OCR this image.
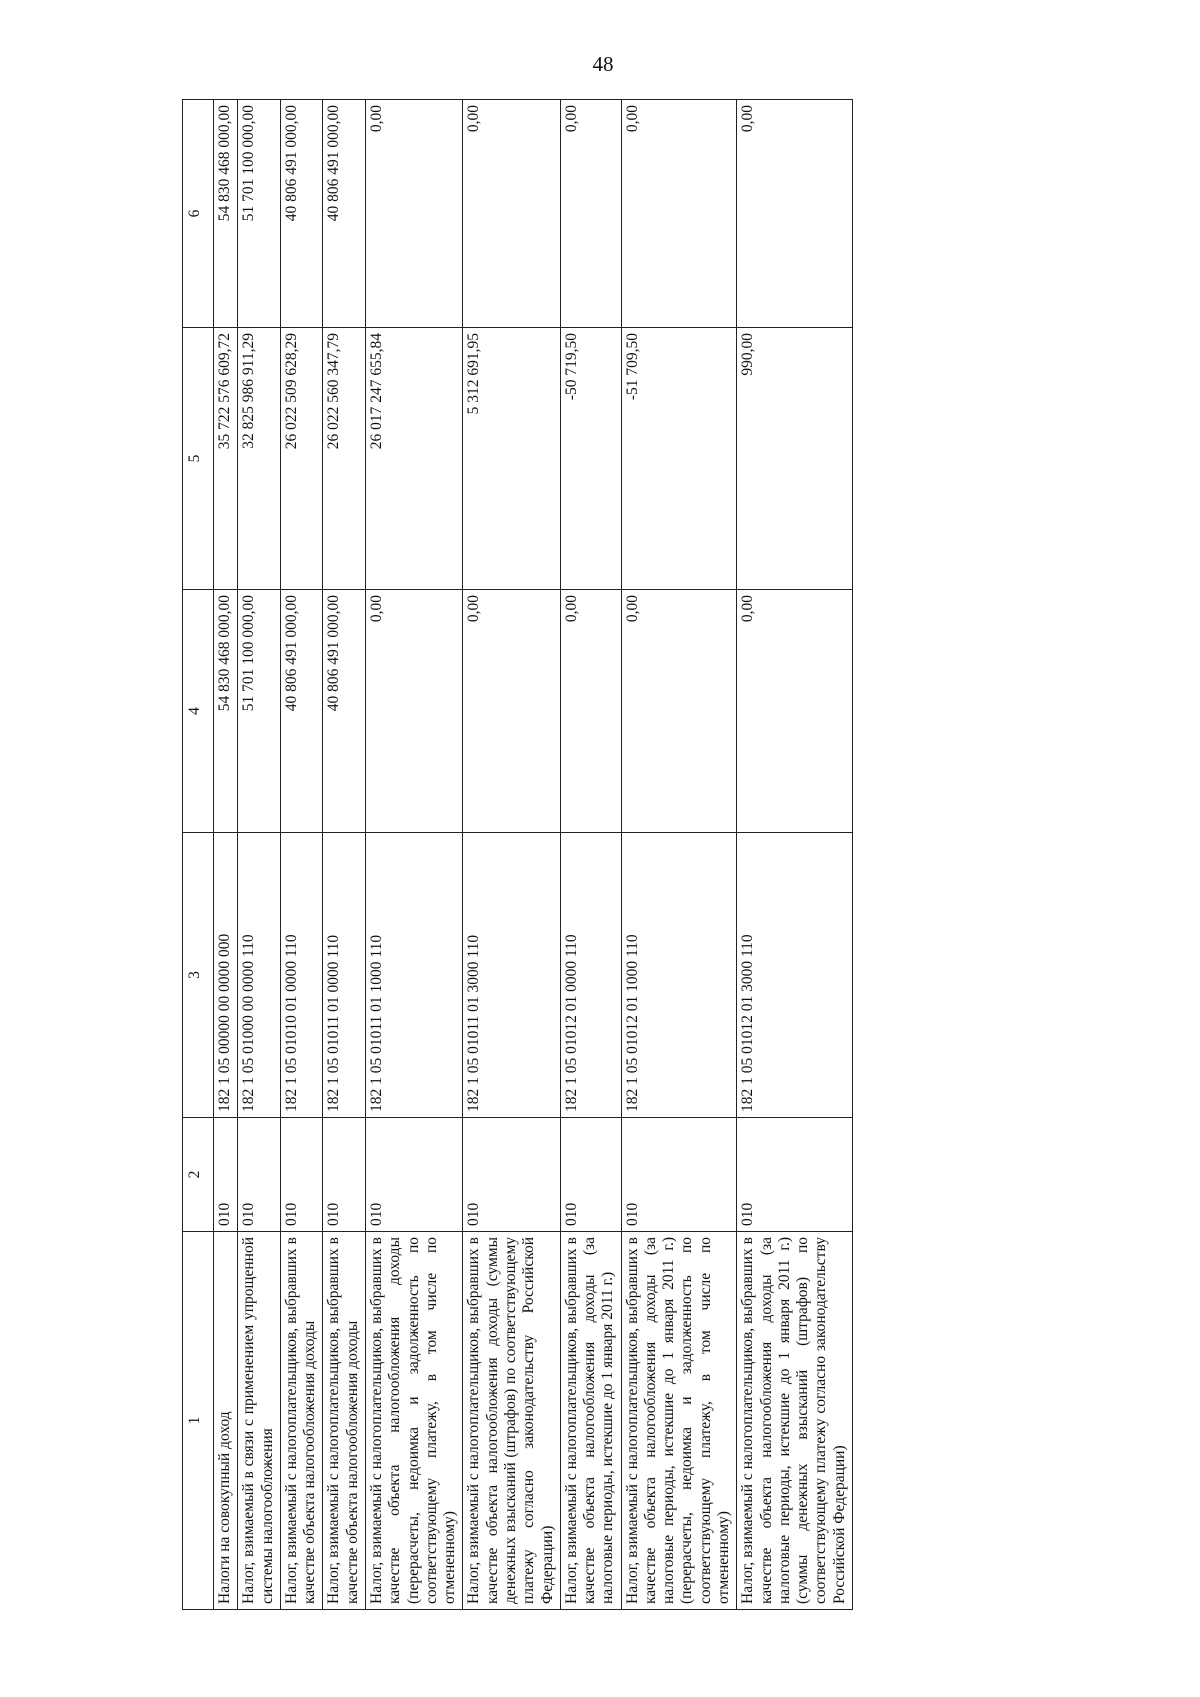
48
1	2	3	4	5	6
Налоги на совокупный доход	010	182 1 05 00000 00 0000 000	54 830 468 000,00	35 722 576 609,72	54 830 468 000,00
Налог, взимаемый в связи с применением упрощенной системы налогообложения	010	182 1 05 01000 00 0000 110	51 701 100 000,00	32 825 986 911,29	51 701 100 000,00
Налог, взимаемый с налогоплательщиков, выбравших в качестве объекта налогообложения доходы	010	182 1 05 01010 01 0000 110	40 806 491 000,00	26 022 509 628,29	40 806 491 000,00
Налог, взимаемый с налогоплательщиков, выбравших в качестве объекта налогообложения доходы	010	182 1 05 01011 01 0000 110	40 806 491 000,00	26 022 560 347,79	40 806 491 000,00
Налог, взимаемый с налогоплательщиков, выбравших в качестве объекта налогообложения доходы (перерасчеты, недоимка и задолженность по соответствующему платежу, в том числе по отмененному)	010	182 1 05 01011 01 1000 110	0,00	26 017 247 655,84	0,00
Налог, взимаемый с налогоплательщиков, выбравших в качестве объекта налогообложения доходы (суммы денежных взысканий (штрафов) по соответствующему платежу согласно законодательству Российской Федерации)	010	182 1 05 01011 01 3000 110	0,00	5 312 691,95	0,00
Налог, взимаемый с налогоплательщиков, выбравших в качестве объекта налогообложения доходы (за налоговые периоды, истекшие до 1 января 2011 г.)	010	182 1 05 01012 01 0000 110	0,00	-50 719,50	0,00
Налог, взимаемый с налогоплательщиков, выбравших в качестве объекта налогообложения доходы (за налоговые периоды, истекшие до 1 января 2011 г.) (перерасчеты, недоимка и задолженность по соответствующему платежу, в том числе по отмененному)	010	182 1 05 01012 01 1000 110	0,00	-51 709,50	0,00
Налог, взимаемый с налогоплательщиков, выбравших в качестве объекта налогообложения доходы (за налоговые периоды, истекшие до 1 января 2011 г.) (суммы денежных взысканий (штрафов) по соответствующему платежу согласно законодательству Российской Федерации)	010	182 1 05 01012 01 3000 110	0,00	990,00	0,00
